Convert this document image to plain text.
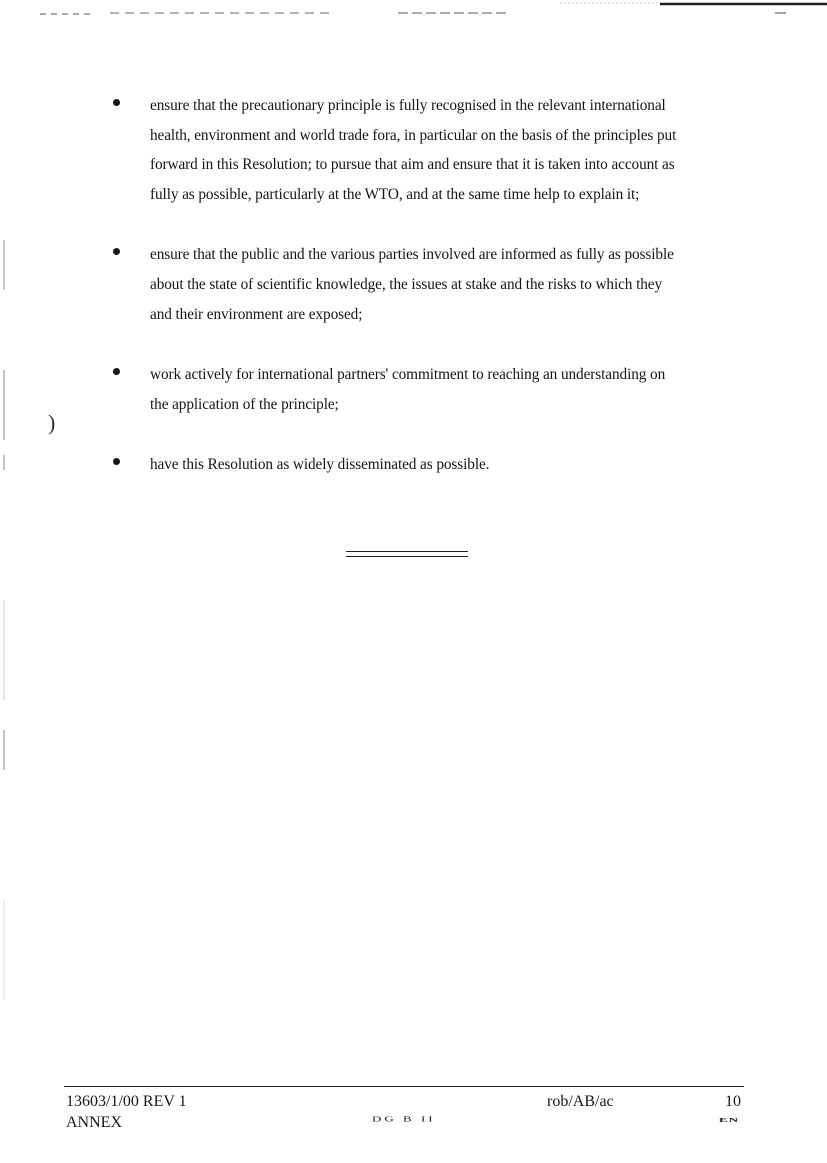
)
ensure that the precautionary principle is fully recognised in the relevant international
health, environment and world trade fora, in particular on the basis of the principles put
forward in this Resolution; to pursue that aim and ensure that it is taken into account as
fully as possible, particularly at the WTO, and at the same time help to explain it;
ensure that the public and the various parties involved are informed as fully as possible
about the state of scientific knowledge, the issues at stake and the risks to which they
and their environment are exposed;
work actively for international partners' commitment to reaching an understanding on
the application of the principle;
have this Resolution as widely disseminated as possible.
13603/1/00 REV 1
ANNEX	DG B II
rob/AB/ac	10
EN
